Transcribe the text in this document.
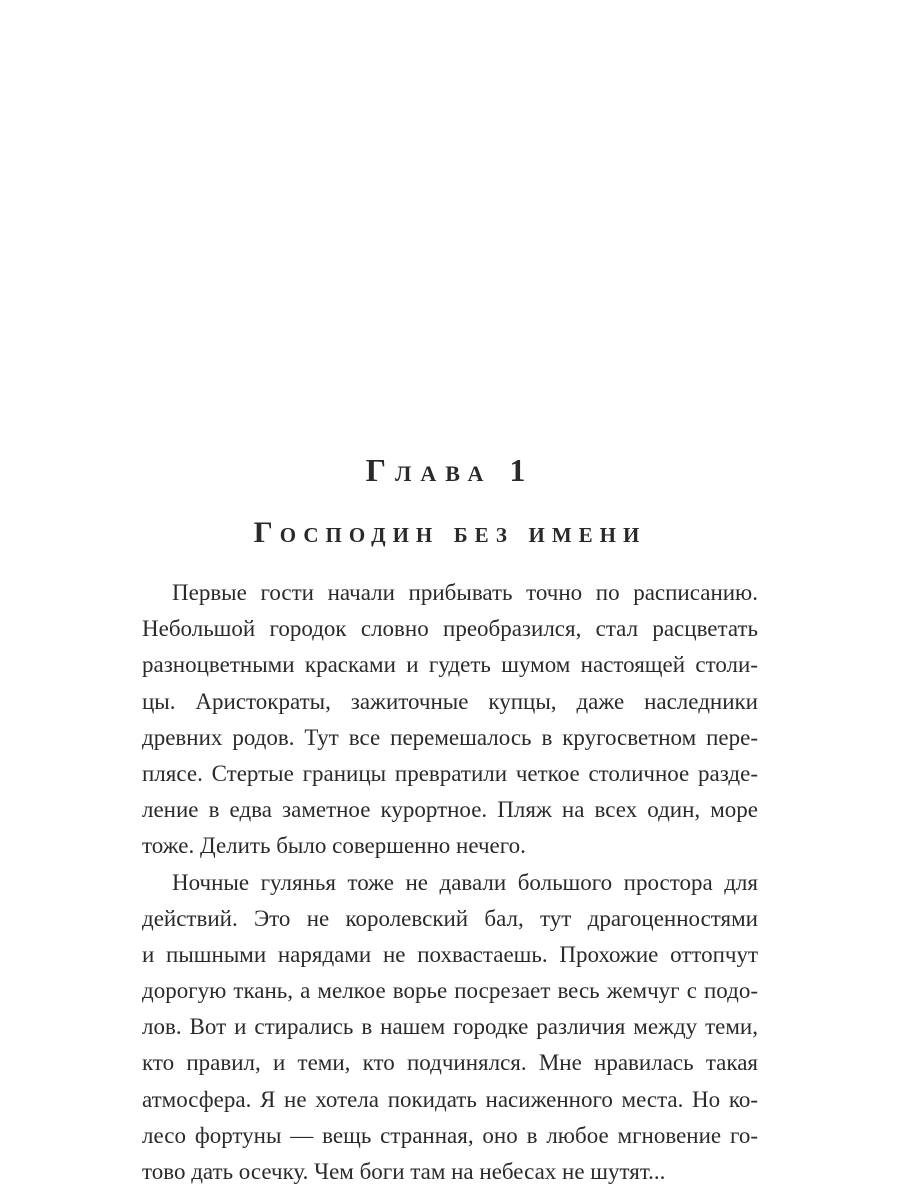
Глава 1
Господин без имени
Первые гости начали прибывать точно по расписанию.
Небольшой городок словно преобразился, стал расцветать
разноцветными красками и гудеть шумом настоящей столи-
цы. Аристократы, зажиточные купцы, даже наследники
древних родов. Тут все перемешалось в кругосветном пере-
плясе. Стертые границы превратили четкое столичное разде-
ление в едва заметное курортное. Пляж на всех один, море
тоже. Делить было совершенно нечего.
Ночные гулянья тоже не давали большого простора для
действий. Это не королевский бал, тут драгоценностями
и пышными нарядами не похвастаешь. Прохожие оттопчут
дорогую ткань, а мелкое ворье посрезает весь жемчуг с подо-
лов. Вот и стирались в нашем городке различия между теми,
кто правил, и теми, кто подчинялся. Мне нравилась такая
атмосфера. Я не хотела покидать насиженного места. Но ко-
лесо фортуны — вещь странная, оно в любое мгновение го-
тово дать осечку. Чем боги там на небесах не шутят...
